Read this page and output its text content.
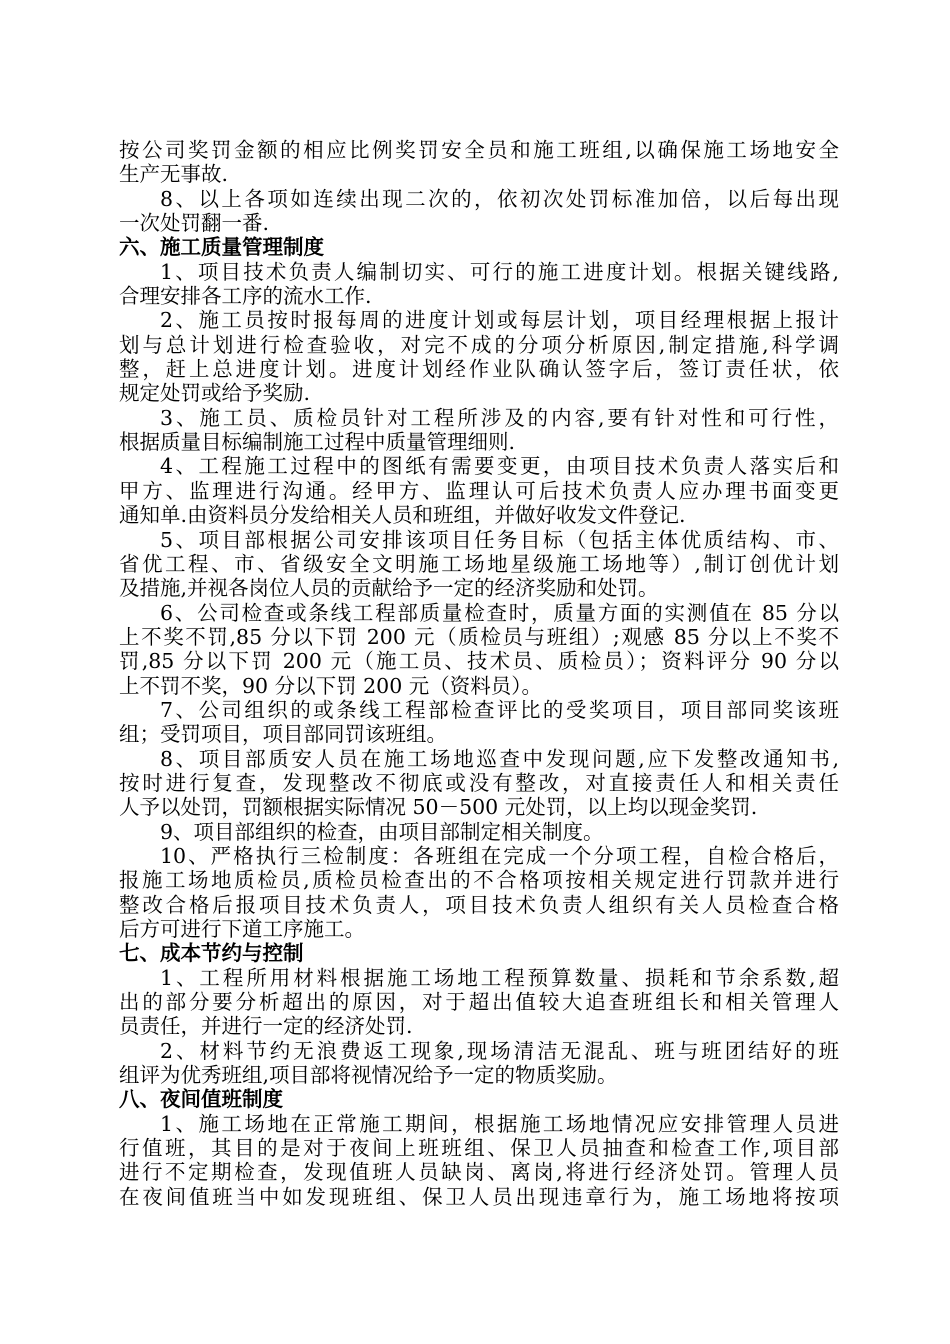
按公司奖罚金额的相应比例奖罚安全员和施工班组,以确保施工场地安全
生产无事故.
8、以上各项如连续出现二次的，依初次处罚标准加倍，以后每出现
一次处罚翻一番.
六、施工质量管理制度
1、项目技术负责人编制切实、可行的施工进度计划。根据关键线路,
合理安排各工序的流水工作.
2、施工员按时报每周的进度计划或每层计划，项目经理根据上报计
划与总计划进行检查验收，对完不成的分项分析原因,制定措施,科学调
整，赶上总进度计划。进度计划经作业队确认签字后，签订责任状，依
规定处罚或给予奖励.
3、施工员、质检员针对工程所涉及的内容,要有针对性和可行性，
根据质量目标编制施工过程中质量管理细则.
4、工程施工过程中的图纸有需要变更，由项目技术负责人落实后和
甲方、监理进行沟通。经甲方、监理认可后技术负责人应办理书面变更
通知单.由资料员分发给相关人员和班组，并做好收发文件登记.
5、项目部根据公司安排该项目任务目标（包括主体优质结构、市、
省优工程、市、省级安全文明施工场地星级施工场地等）,制订创优计划
及措施,并视各岗位人员的贡献给予一定的经济奖励和处罚。
6、公司检查或条线工程部质量检查时，质量方面的实测值在 85 分以
上不奖不罚,85 分以下罚 200 元（质检员与班组）;观感 85 分以上不奖不
罚,85 分以下罚 200 元（施工员、技术员、质检员）；资料评分 90 分以
上不罚不奖，90 分以下罚 200 元（资料员）。
7、公司组织的或条线工程部检查评比的受奖项目，项目部同奖该班
组；受罚项目，项目部同罚该班组。
8、项目部质安人员在施工场地巡查中发现问题,应下发整改通知书,
按时进行复查，发现整改不彻底或没有整改，对直接责任人和相关责任
人予以处罚，罚额根据实际情况 50－500 元处罚，以上均以现金奖罚.
9、项目部组织的检查，由项目部制定相关制度。
10、严格执行三检制度：各班组在完成一个分项工程，自检合格后，
报施工场地质检员,质检员检查出的不合格项按相关规定进行罚款并进行
整改合格后报项目技术负责人，项目技术负责人组织有关人员检查合格
后方可进行下道工序施工。
七、成本节约与控制
1、工程所用材料根据施工场地工程预算数量、损耗和节余系数,超
出的部分要分析超出的原因，对于超出值较大追查班组长和相关管理人
员责任，并进行一定的经济处罚.
2、材料节约无浪费返工现象,现场清洁无混乱、班与班团结好的班
组评为优秀班组,项目部将视情况给予一定的物质奖励。
八、夜间值班制度
1、施工场地在正常施工期间，根据施工场地情况应安排管理人员进
行值班，其目的是对于夜间上班班组、保卫人员抽查和检查工作,项目部
进行不定期检查，发现值班人员缺岗、离岗,将进行经济处罚。管理人员
在夜间值班当中如发现班组、保卫人员出现违章行为，施工场地将按项
